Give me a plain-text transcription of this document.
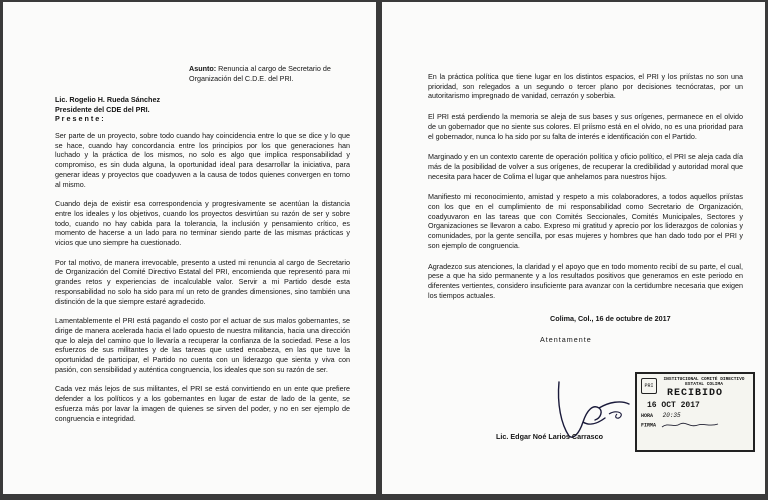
Asunto: Renuncia al cargo de Secretario de Organización del C.D.E. del PRI.
Lic. Rogelio H. Rueda Sánchez
Presidente del CDE del PRI.
P r e s e n t e :

Ser parte de un proyecto, sobre todo cuando hay coincidencia entre lo que se dice y lo que se hace, cuando hay concordancia entre los principios por los que generaciones han luchado y la práctica de los mismos, no solo es algo que implica responsabilidad y compromiso, es sin duda alguna, la oportunidad ideal para desarrollar la iniciativa, para generar ideas y proyectos que coadyuven a la causa de todos quienes convergen en torno al mismo.

Cuando deja de existir esa correspondencia y progresivamente se acentúan la distancia entre los ideales y los objetivos, cuando los proyectos desvirtúan su razón de ser y sobre todo, cuando no hay cabida para la tolerancia, la inclusión y pensamiento crítico, es momento de hacerse a un lado para no terminar siendo parte de las mismas prácticas y vicios que uno siempre ha cuestionado.

Por tal motivo, de manera irrevocable, presento a usted mi renuncia al cargo de Secretario de Organización del Comité Directivo Estatal del PRI, encomienda que representó para mi grandes retos y experiencias de incalculable valor. Servir a mi Partido desde esta responsabilidad no solo ha sido para mí un reto de grandes dimensiones, sino también una distinción de la que siempre estaré agradecido.

Lamentablemente el PRI está pagando el costo por el actuar de sus malos gobernantes, se dirige de manera acelerada hacia el lado opuesto de nuestra militancia, hacia una dirección que lo aleja del camino que lo llevaría a recuperar la confianza de la sociedad. Pese a los esfuerzos de sus militantes y de las tareas que usted encabeza, en las que tuve la oportunidad de participar, el Partido no cuenta con un liderazgo que sienta y viva con pasión, con sensibilidad y auténtica congruencia, los ideales que son su razón de ser.

Cada vez más lejos de sus militantes, el PRI se está convirtiendo en un ente que prefiere defender a los políticos y a los gobernantes en lugar de estar de lado de la gente, se esfuerza más por lavar la imagen de quienes se sirven del poder, y no en ser ejemplo de congruencia e integridad.

En la práctica política que tiene lugar en los distintos espacios, el PRI y los priístas no son una prioridad, son relegados a un segundo o tercer plano por decisiones tecnócratas, por un autoritarismo impregnado de vanidad, cerrazón y soberbia.

El PRI está perdiendo la memoria se aleja de sus bases y sus orígenes, permanece en el olvido de un gobernador que no siente sus colores. El priísmo está en el olvido, no es una prioridad para el gobernador, nunca lo ha sido por su falta de interés e identificación con el Partido.

Marginado y en un contexto carente de operación política y oficio político, el PRI se aleja cada día más de la posibilidad de volver a sus orígenes, de recuperar la credibilidad y autoridad moral que necesita para hacer de Colima el lugar que anhelamos para nuestros hijos.

Manifiesto mi reconocimiento, amistad y respeto a mis colaboradores, a todos aquellos priístas con los que en el cumplimiento de mi responsabilidad como Secretario de Organización, coadyuvaron en las tareas que con Comités Seccionales, Comités Municipales, Sectores y Organizaciones se llevaron a cabo. Expreso mi gratitud y aprecio por los liderazgos de colonias y comunidades, por la gente sencilla, por esas mujeres y hombres que han dado todo por el PRI y son ejemplo de congruencia.

Agradezco sus atenciones, la claridad y el apoyo que en todo momento recibí de su parte, el cual, pese a que ha sido permanente y a los resultados positivos que generamos en este periodo en diferentes vertientes, considero insuficiente para avanzar con la certidumbre necesaria que exigen los tiempos actuales.

Colima, Col., 16 de octubre de 2017
Atentamente
Lic. Edgar Noé Larios Carrasco
PRI
INSTITUCIONAL COMITÉ DIRECTIVO ESTATAL COLIMA
RECIBIDO
16 OCT 2017
HORA 20:35
FIRMA
